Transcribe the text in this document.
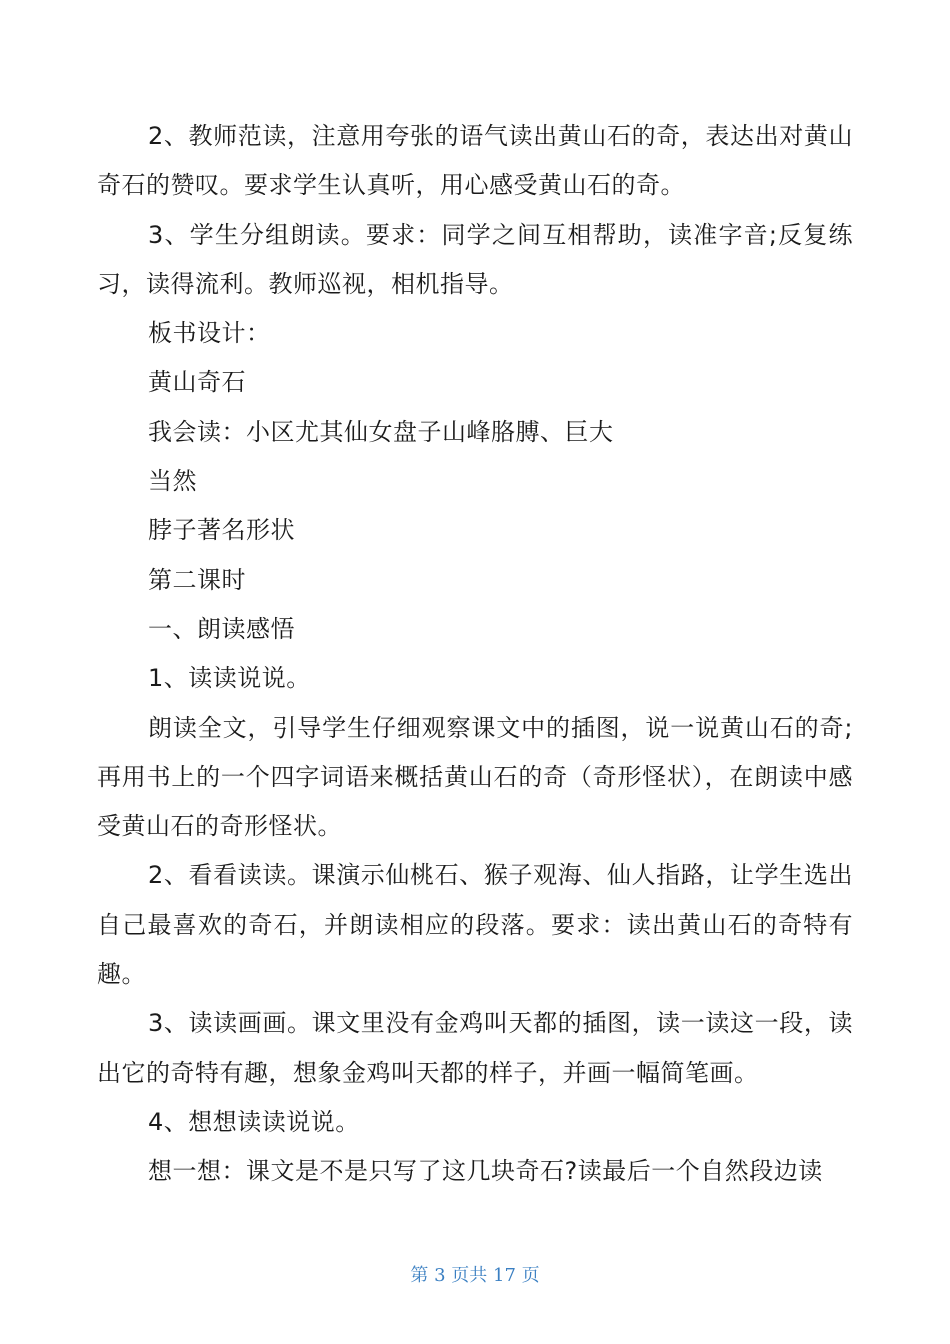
2、教师范读，注意用夸张的语气读出黄山石的奇，表达出对黄山奇石的赞叹。要求学生认真听，用心感受黄山石的奇。

3、学生分组朗读。要求：同学之间互相帮助，读准字音;反复练习，读得流利。教师巡视，相机指导。

板书设计：

黄山奇石

我会读：小区尤其仙女盘子山峰胳膊、巨大

当然

脖子著名形状

第二课时

一、朗读感悟

1、读读说说。

朗读全文，引导学生仔细观察课文中的插图，说一说黄山石的奇;再用书上的一个四字词语来概括黄山石的奇（奇形怪状），在朗读中感受黄山石的奇形怪状。

2、看看读读。课演示仙桃石、猴子观海、仙人指路，让学生选出自己最喜欢的奇石，并朗读相应的段落。要求：读出黄山石的奇特有趣。

3、读读画画。课文里没有金鸡叫天都的插图，读一读这一段，读出它的奇特有趣，想象金鸡叫天都的样子，并画一幅简笔画。

4、想想读读说说。

想一想：课文是不是只写了这几块奇石?读最后一个自然段边读

第 3 页共 17 页
